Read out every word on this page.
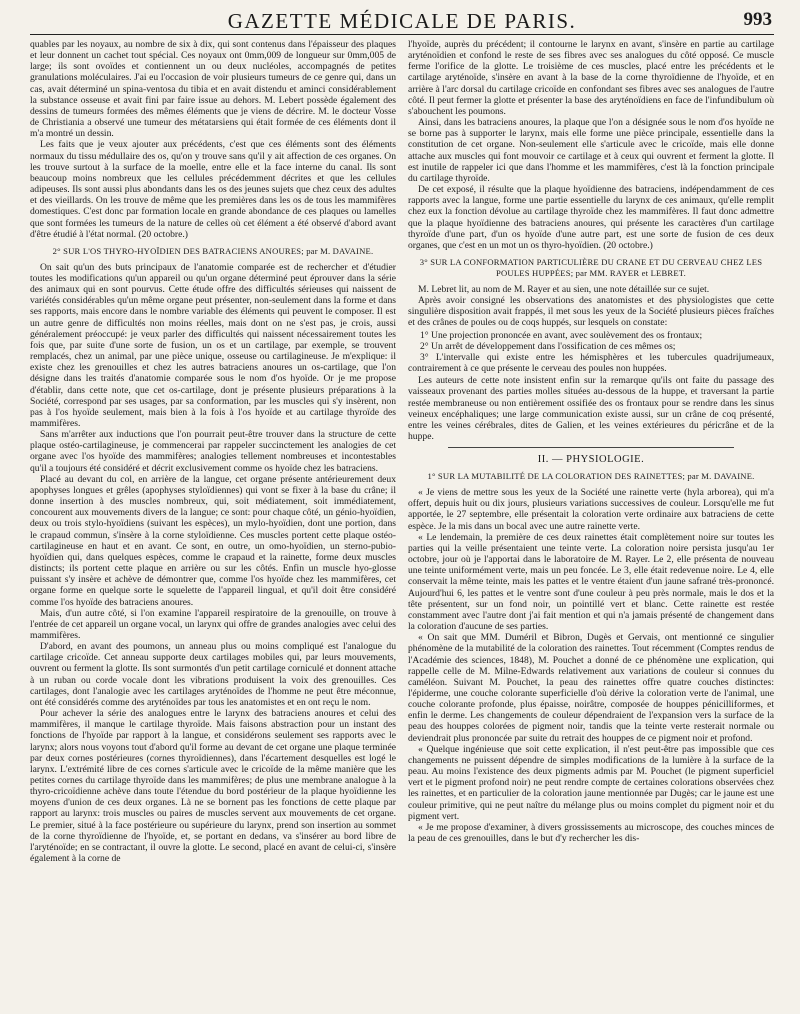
GAZETTE MÉDICALE DE PARIS.	993

quables par les noyaux, au nombre de six à dix, qui sont contenus dans l'épaisseur des plaques et leur donnent un cachet tout spécial. Ces noyaux ont 0mm,009 de longueur sur 0mm,005 de large; ils sont ovoïdes et contiennent un ou deux nucléoles, accompagnés de petites granulations moléculaires. J'ai eu l'occasion de voir plusieurs tumeurs de ce genre qui, dans un cas, avait déterminé un spina-ventosa du tibia et en avait distendu et aminci considérablement la substance osseuse et avait fini par faire issue au dehors. M. Lebert possède également des dessins de tumeurs formées des mêmes éléments que je viens de décrire. M. le docteur Vosse de Christiania a observé une tumeur des métatarsiens qui était formée de ces éléments dont il m'a montré un dessin.

Les faits que je veux ajouter aux précédents, c'est que ces éléments sont des éléments normaux du tissu médullaire des os, qu'on y trouve sans qu'il y ait affection de ces organes. On les trouve surtout à la surface de la moelle, entre elle et la face interne du canal. Ils sont beaucoup moins nombreux que les cellules précédemment décrites et que les cellules adipeuses. Ils sont aussi plus abondants dans les os des jeunes sujets que chez ceux des adultes et des vieillards. On les trouve de même que les premières dans les os de tous les mammifères domestiques. C'est donc par formation locale en grande abondance de ces plaques ou lamelles que sont formées les tumeurs de la nature de celles où cet élément a été observé d'abord avant d'être étudié à l'état normal. (20 octobre.)

2° SUR L'OS THYRO-HYOÏDIEN DES BATRACIENS ANOURES; par M. DAVAINE.

On sait qu'un des buts principaux de l'anatomie comparée est de rechercher et d'étudier toutes les modifications qu'un appareil ou qu'un organe déterminé peut éprouver dans la série des animaux qui en sont pourvus. Cette étude offre des difficultés sérieuses qui naissent de variétés considérables qu'un même organe peut présenter, non-seulement dans la forme et dans ses rapports, mais encore dans le nombre variable des éléments qui peuvent le composer. Il est un autre genre de difficultés non moins réelles, mais dont on ne s'est pas, je crois, aussi généralement préoccupé: je veux parler des difficultés qui naissent nécessairement toutes les fois que, par suite d'une sorte de fusion, un os et un cartilage, par exemple, se trouvent remplacés, chez un animal, par une pièce unique, osseuse ou cartilagineuse. Je m'explique: il existe chez les grenouilles et chez les autres batraciens anoures un os-cartilage, que l'on désigne dans les traités d'anatomie comparée sous le nom d'os hyoïde. Or je me propose d'établir, dans cette note, que cet os-cartilage, dont je présente plusieurs préparations à la Société, correspond par ses usages, par sa conformation, par les muscles qui s'y insèrent, non pas à l'os hyoïde seulement, mais bien à la fois à l'os hyoïde et au cartilage thyroïde des mammifères.

Sans m'arrêter aux inductions que l'on pourrait peut-être trouver dans la structure de cette plaque ostéo-cartilagineuse, je commencerai par rappeler succinctement les analogies de cet organe avec l'os hyoïde des mammifères; analogies tellement nombreuses et incontestables qu'il a toujours été considéré et décrit exclusivement comme os hyoïde chez les batraciens.

Placé au devant du col, en arrière de la langue, cet organe présente antérieurement deux apophyses longues et grêles (apophyses styloïdiennes) qui vont se fixer à la base du crâne; il donne insertion à des muscles nombreux, qui, soit médiatement, soit immédiatement, concourent aux mouvements divers de la langue; ce sont: pour chaque côté, un génio-hyoïdien, deux ou trois stylo-hyoïdiens (suivant les espèces), un mylo-hyoïdien, dont une portion, dans le crapaud commun, s'insère à la corne styloïdienne. Ces muscles portent cette plaque ostéo-cartilagineuse en haut et en avant. Ce sont, en outre, un omo-hyoïdien, un sterno-pubio-hyoïdien qui, dans quelques espèces, comme le crapaud et la rainette, forme deux muscles distincts; ils portent cette plaque en arrière ou sur les côtés. Enfin un muscle hyo-glosse puissant s'y insère et achève de démontrer que, comme l'os hyoïde chez les mammifères, cet organe forme en quelque sorte le squelette de l'appareil lingual, et qu'il doit être considéré comme l'os hyoïde des batraciens anoures.

Mais, d'un autre côté, si l'on examine l'appareil respiratoire de la grenouille, on trouve à l'entrée de cet appareil un organe vocal, un larynx qui offre de grandes analogies avec celui des mammifères.

D'abord, en avant des poumons, un anneau plus ou moins compliqué est l'analogue du cartilage cricoïde. Cet anneau supporte deux cartilages mobiles qui, par leurs mouvements, ouvrent ou ferment la glotte. Ils sont surmontés d'un petit cartilage corniculé et donnent attache à un ruban ou corde vocale dont les vibrations produisent la voix des grenouilles. Ces cartilages, dont l'analogie avec les cartilages aryténoïdes de l'homme ne peut être méconnue, ont été considérés comme des aryténoïdes par tous les anatomistes et en ont reçu le nom.

Pour achever la série des analogues entre le larynx des batraciens anoures et celui des mammifères, il manque le cartilage thyroïde. Mais faisons abstraction pour un instant des fonctions de l'hyoïde par rapport à la langue, et considérons seulement ses rapports avec le larynx; alors nous voyons tout d'abord qu'il forme au devant de cet organe une plaque terminée par deux cornes postérieures (cornes thyroïdiennes), dans l'écartement desquelles est logé le larynx. L'extrémité libre de ces cornes s'articule avec le cricoïde de la même manière que les petites cornes du cartilage thyroïde dans les mammifères; de plus une membrane analogue à la thyro-cricoïdienne achève dans toute l'étendue du bord postérieur de la plaque hyoïdienne les moyens d'union de ces deux organes. Là ne se bornent pas les fonctions de cette plaque par rapport au larynx: trois muscles ou paires de muscles servent aux mouvements de cet organe. Le premier, situé à la face postérieure ou supérieure du larynx, prend son insertion au sommet de la corne thyroïdienne de l'hyoïde, et, se portant en dedans, va s'insérer au bord libre de l'aryténoïde; en se contractant, il ouvre la glotte. Le second, placé en avant de celui-ci, s'insère également à la corne de

l'hyoïde, auprès du précédent; il contourne le larynx en avant, s'insère en partie au cartilage aryténoïdien et confond le reste de ses fibres avec ses analogues du côté opposé. Ce muscle ferme l'orifice de la glotte. Le troisième de ces muscles, placé entre les précédents et le cartilage aryténoïde, s'insère en avant à la base de la corne thyroïdienne de l'hyoïde, et en arrière à l'arc dorsal du cartilage cricoïde en confondant ses fibres avec ses analogues de l'autre côté. Il peut fermer la glotte et présenter la base des aryténoïdiens en face de l'infundibulum où s'abouchent les poumons.

Ainsi, dans les batraciens anoures, la plaque que l'on a désignée sous le nom d'os hyoïde ne se borne pas à supporter le larynx, mais elle forme une pièce principale, essentielle dans la constitution de cet organe. Non-seulement elle s'articule avec le cricoïde, mais elle donne attache aux muscles qui font mouvoir ce cartilage et à ceux qui ouvrent et ferment la glotte. Il est inutile de rappeler ici que dans l'homme et les mammifères, c'est là la fonction principale du cartilage thyroïde.

De cet exposé, il résulte que la plaque hyoïdienne des batraciens, indépendamment de ces rapports avec la langue, forme une partie essentielle du larynx de ces animaux, qu'elle remplit chez eux la fonction dévolue au cartilage thyroïde chez les mammifères. Il faut donc admettre que la plaque hyoïdienne des batraciens anoures, qui présente les caractères d'un cartilage thyroïde d'une part, d'un os hyoïde d'une autre part, est une sorte de fusion de ces deux organes, que c'est en un mot un os thyro-hyoïdien. (20 octobre.)

3° SUR LA CONFORMATION PARTICULIÈRE DU CRANE ET DU CERVEAU CHEZ LES POULES HUPPÉES; par MM. RAYER et LEBRET.

M. Lebret lit, au nom de M. Rayer et au sien, une note détaillée sur ce sujet.

Après avoir consigné les observations des anatomistes et des physiologistes que cette singulière disposition avait frappés, il met sous les yeux de la Société plusieurs pièces fraîches et des crânes de poules ou de coqs huppés, sur lesquels on constate:

1° Une projection prononcée en avant, avec soulèvement des os frontaux;
2° Un arrêt de développement dans l'ossification de ces mêmes os;
3° L'intervalle qui existe entre les hémisphères et les tubercules quadrijumeaux, contrairement à ce que présente le cerveau des poules non huppées.

Les auteurs de cette note insistent enfin sur la remarque qu'ils ont faite du passage des vaisseaux provenant des parties molles situées au-dessous de la huppe, et traversant la partie restée membraneuse ou non entièrement ossifiée des os frontaux pour se rendre dans les sinus veineux encéphaliques; une large communication existe aussi, sur un crâne de coq présenté, entre les veines cérébrales, dites de Galien, et les veines extérieures du péricrâne et de la huppe.

II. — PHYSIOLOGIE.
1° SUR LA MUTABILITÉ DE LA COLORATION DES RAINETTES; par M. DAVAINE.

« Je viens de mettre sous les yeux de la Société une rainette verte (hyla arborea), qui m'a offert, depuis huit ou dix jours, plusieurs variations successives de couleur. Lorsqu'elle me fut apportée, le 27 septembre, elle présentait la coloration verte ordinaire aux batraciens de cette espèce. Je la mis dans un bocal avec une autre rainette verte.

« Le lendemain, la première de ces deux rainettes était complètement noire sur toutes les parties qui la veille présentaient une teinte verte. La coloration noire persista jusqu'au 1er octobre, jour où je l'apportai dans le laboratoire de M. Rayer. Le 2, elle présenta de nouveau une teinte uniformément verte, mais un peu foncée. Le 3, elle était redevenue noire. Le 4, elle conservait la même teinte, mais les pattes et le ventre étaient d'un jaune safrané très-prononcé. Aujourd'hui 6, les pattes et le ventre sont d'une couleur à peu près normale, mais le dos et la tête présentent, sur un fond noir, un pointillé vert et blanc. Cette rainette est restée constamment avec l'autre dont j'ai fait mention et qui n'a jamais présenté de changement dans la coloration d'aucune de ses parties.

« On sait que MM. Duméril et Bibron, Dugès et Gervais, ont mentionné ce singulier phénomène de la mutabilité de la coloration des rainettes. Tout récemment (Comptes rendus de l'Académie des sciences, 1848), M. Pouchet a donné de ce phénomène une explication, qui rappelle celle de M. Milne-Edwards relativement aux variations de couleur si connues du caméléon. Suivant M. Pouchet, la peau des rainettes offre quatre couches distinctes: l'épiderme, une couche colorante superficielle d'où dérive la coloration verte de l'animal, une couche colorante profonde, plus épaisse, noirâtre, composée de houppes pénicilliformes, et enfin le derme. Les changements de couleur dépendraient de l'expansion vers la surface de la peau des houppes colorées de pigment noir, tandis que la teinte verte resterait normale ou deviendrait plus prononcée par suite du retrait des houppes de ce pigment noir et profond.

« Quelque ingénieuse que soit cette explication, il n'est peut-être pas impossible que ces changements ne puissent dépendre de simples modifications de la lumière à la surface de la peau. Au moins l'existence des deux pigments admis par M. Pouchet (le pigment superficiel vert et le pigment profond noir) ne peut rendre compte de certaines colorations observées chez les rainettes, et en particulier de la coloration jaune mentionnée par Dugès; car le jaune est une couleur primitive, qui ne peut naître du mélange plus ou moins complet du pigment noir et du pigment vert.

« Je me propose d'examiner, à divers grossissements au microscope, des couches minces de la peau de ces grenouilles, dans le but d'y rechercher les dis-
